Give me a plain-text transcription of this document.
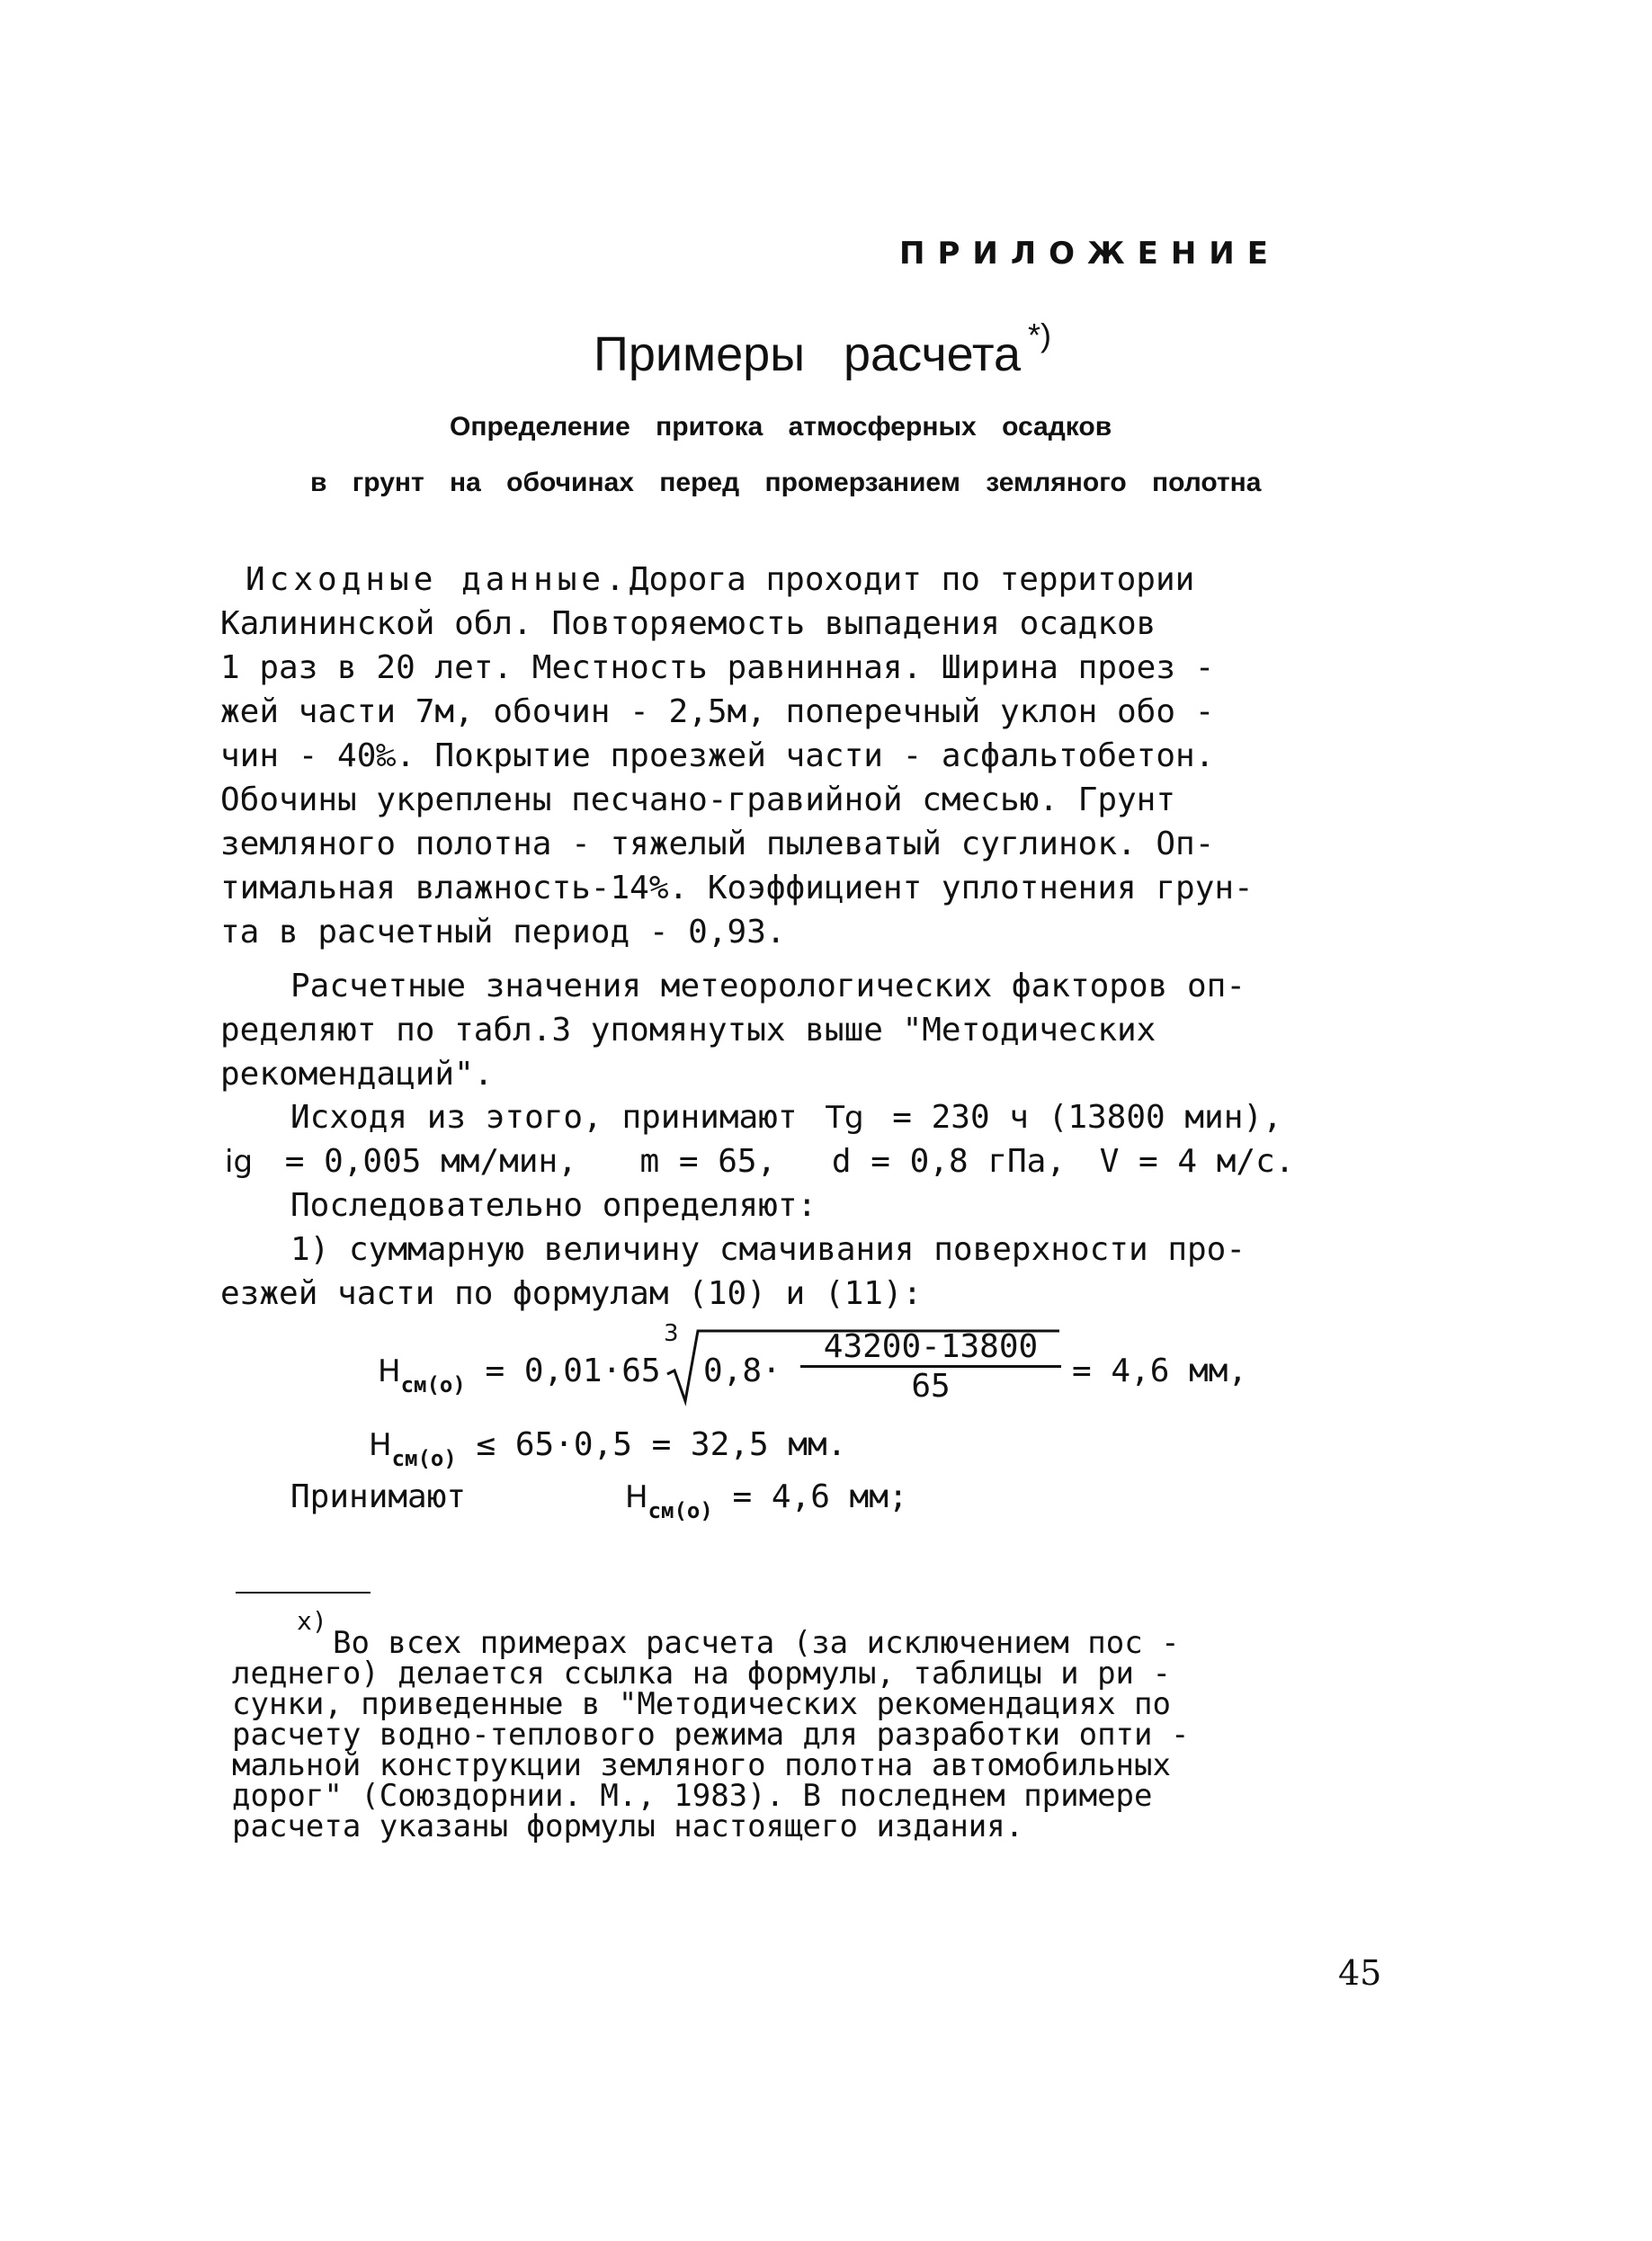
ПРИЛОЖЕНИЕ
Примеры расчета *)
Определение притока атмосферных осадков
в грунт на обочинах перед промерзанием земляного полотна
Исходные данные.Дорога проходит по территории
Калининской обл. Повторяемость выпадения осадков
1 раз в 20 лет. Местность равнинная. Ширина проез -
жей части 7м, обочин - 2,5м, поперечный уклон обо -
чин - 40‰. Покрытие проезжей части - асфальтобетон.
Обочины укреплены песчано-гравийной смесью. Грунт
земляного полотна - тяжелый пылеватый суглинок. Оп-
тимальная влажность-14%. Коэффициент уплотнения грун-
та в расчетный период - 0,93.
Расчетные значения метеорологических факторов оп-
ределяют по табл.3 упомянутых выше "Методических
рекомендаций".
Исходя из этого, принимают Tg = 230 ч (13800 мин),
ig = 0,005 мм/мин, m = 65, d = 0,8 гПа, V = 4 м/с.
Последовательно определяют:
1) суммарную величину смачивания поверхности про-
езжей части по формулам (10) и (11):
$H_{см(о)} = 0,01\cdot 65$
3
0,8·
43200-13800
65	= 4,6 мм,
$H_{см(о)} \le 65\cdot 0,5 = 32,5$ мм.
Принимают	$H_{см(о)} = 4,6$ мм;
х)
Во всех примерах расчета (за исключением пос -
леднего) делается ссылка на формулы, таблицы и ри -
сунки, приведенные в "Методических рекомендациях по
расчету водно-теплового режима для разработки опти -
мальной конструкции земляного полотна автомобильных
дорог" (Союздорнии. М., 1983). В последнем примере
расчета указаны формулы настоящего издания.
45
